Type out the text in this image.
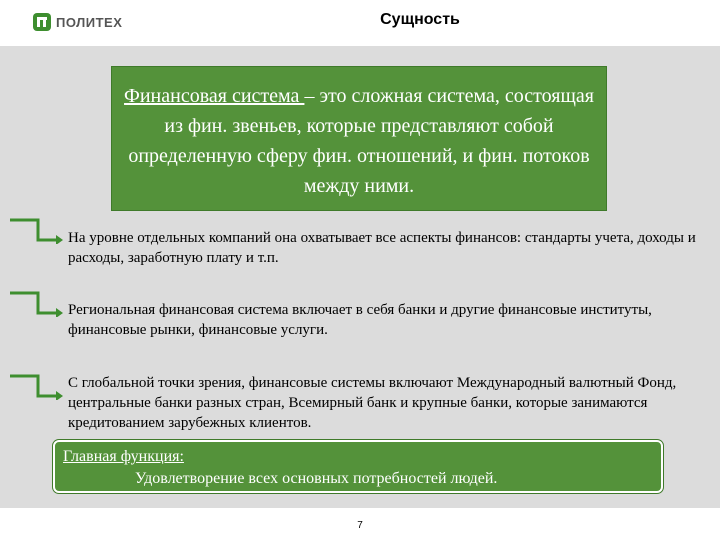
ПОЛИТЕХ	Сущность
Финансовая система – это сложная система, состоящая из фин. звеньев, которые представляют собой определенную сферу фин. отношений, и фин. потоков между ними.
На уровне отдельных компаний она охватывает все аспекты финансов: стандарты учета, доходы и расходы, заработную плату и т.п.
Региональная финансовая система включает в себя банки и другие финансовые институты, финансовые рынки, финансовые услуги.
С глобальной точки зрения, финансовые системы включают Международный валютный Фонд, центральные банки разных стран, Всемирный банк и крупные банки, которые занимаются кредитованием зарубежных клиентов.
Главная функция:
Удовлетворение всех основных потребностей людей.
7
